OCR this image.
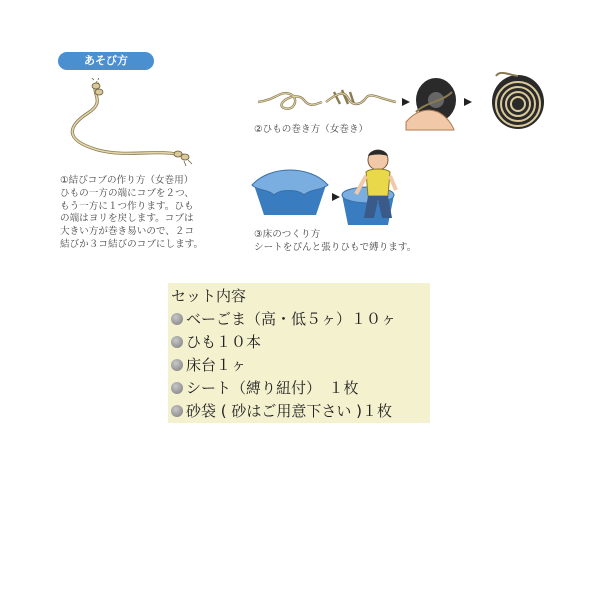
あそび方
①結びコブの作り方（女巻用）
ひもの一方の端にコブを２つ、
もう一方に１つ作ります。ひも
の端はヨリを戻します。コブは
大きい方が巻き易いので、２コ
結びか３コ結びのコブにします。
②ひもの巻き方（女巻き）
③床のつくり方
シートをぴんと張りひもで縛ります。
セット内容
ベーごま（高・低５ヶ）１０ヶ
ひも１０本
床台１ヶ
シート（縛り紐付）　１枚
砂袋 ( 砂はご用意下さい )１枚
